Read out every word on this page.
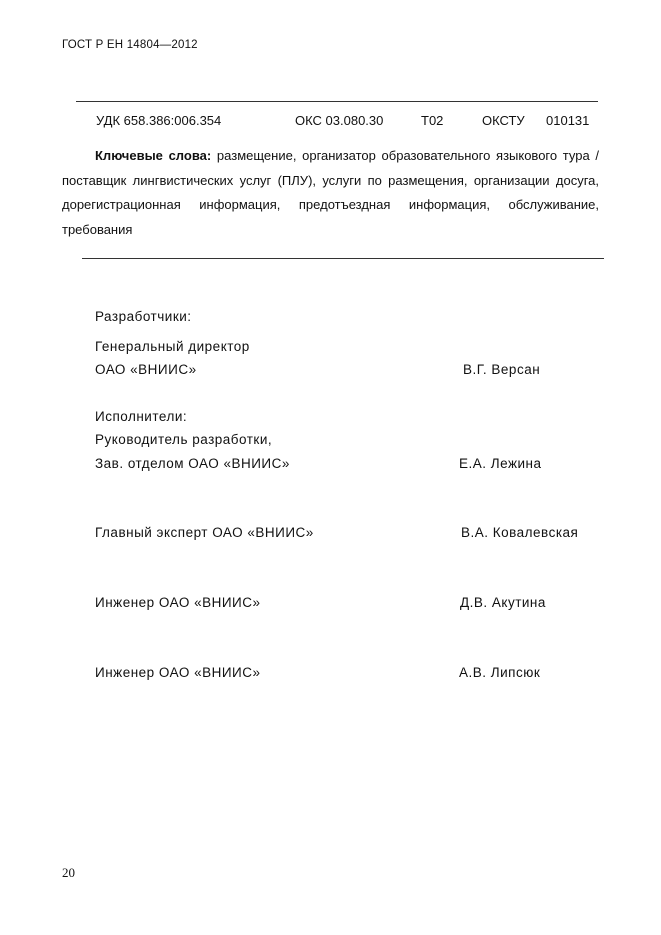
ГОСТ Р ЕН 14804—2012
УДК 658.386:006.354	ОКС 03.080.30	Т02	ОКСТУ 010131
Ключевые слова: размещение, организатор образовательного языкового тура / поставщик лингвистических услуг (ПЛУ), услуги по размещения, организации досуга, дорегистрационная информация, предотъездная информация, обслуживание, требования
Разработчики:
Генеральный директор
ОАО «ВНИИС»	В.Г. Версан
Исполнители:
Руководитель разработки,
Зав. отделом ОАО «ВНИИС»	Е.А. Лежина
Главный эксперт ОАО «ВНИИС»	В.А. Ковалевская
Инженер ОАО «ВНИИС»	Д.В. Акутина
Инженер ОАО «ВНИИС»	А.В. Липсюк
20
